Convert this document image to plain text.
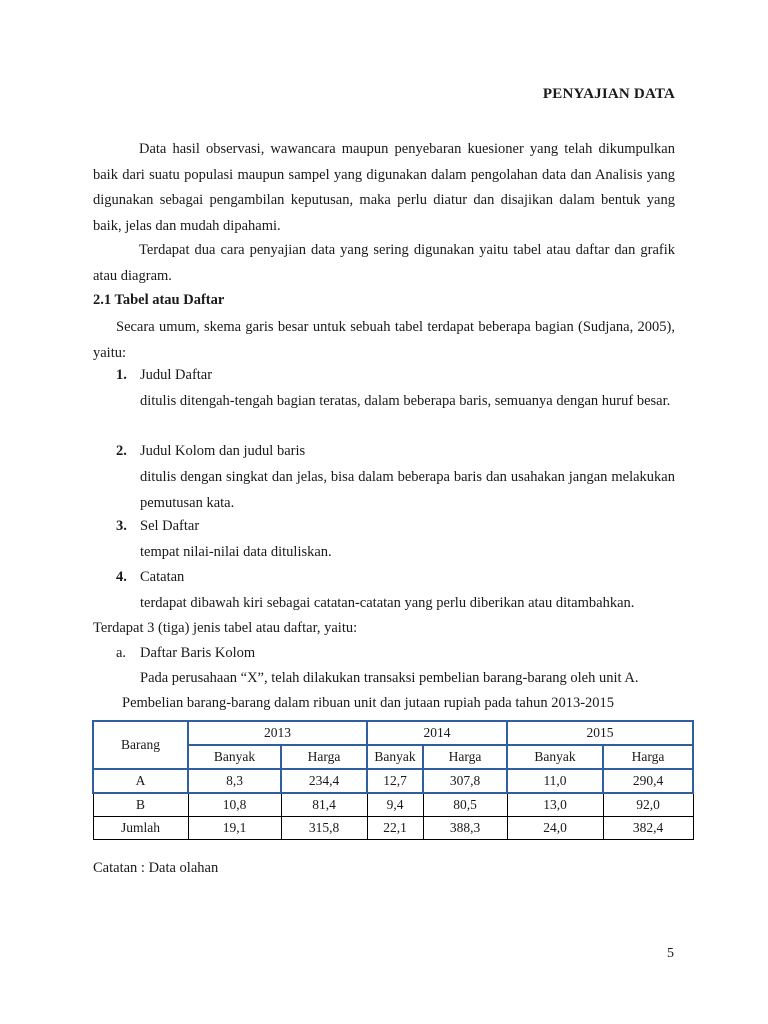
PENYAJIAN DATA

Data hasil observasi, wawancara maupun penyebaran kuesioner yang telah dikumpulkan baik dari suatu populasi maupun sampel yang digunakan dalam pengolahan data dan Analisis yang digunakan sebagai pengambilan keputusan, maka perlu diatur dan disajikan dalam bentuk yang baik, jelas dan mudah dipahami.

Terdapat dua cara penyajian data yang sering digunakan yaitu tabel atau daftar dan grafik atau diagram.

2.1 Tabel atau Daftar

Secara umum, skema garis besar untuk sebuah tabel terdapat beberapa bagian (Sudjana, 2005), yaitu:

1. Judul Daftar

ditulis ditengah-tengah bagian teratas, dalam beberapa baris, semuanya dengan huruf besar.

2. Judul Kolom dan judul baris

ditulis dengan singkat dan jelas, bisa dalam beberapa baris dan usahakan jangan melakukan pemutusan kata.

3. Sel Daftar

tempat nilai-nilai data dituliskan.

4. Catatan

terdapat dibawah kiri sebagai catatan-catatan yang perlu diberikan atau ditambahkan.

Terdapat 3 (tiga) jenis tabel atau daftar, yaitu:
a. Daftar Baris Kolom
Pada perusahaan “X”, telah dilakukan transaksi pembelian barang-barang oleh unit A.
Pembelian barang-barang dalam ribuan unit dan jutaan rupiah pada tahun 2013-2015
Barang	2013		2014		2015	
	Banyak	Harga	Banyak	Harga	Banyak	Harga
A	8,3	234,4	12,7	307,8	11,0	290,4
B	10,8	81,4	9,4	80,5	13,0	92,0
Jumlah	19,1	315,8	22,1	388,3	24,0	382,4
Catatan : Data olahan
5
